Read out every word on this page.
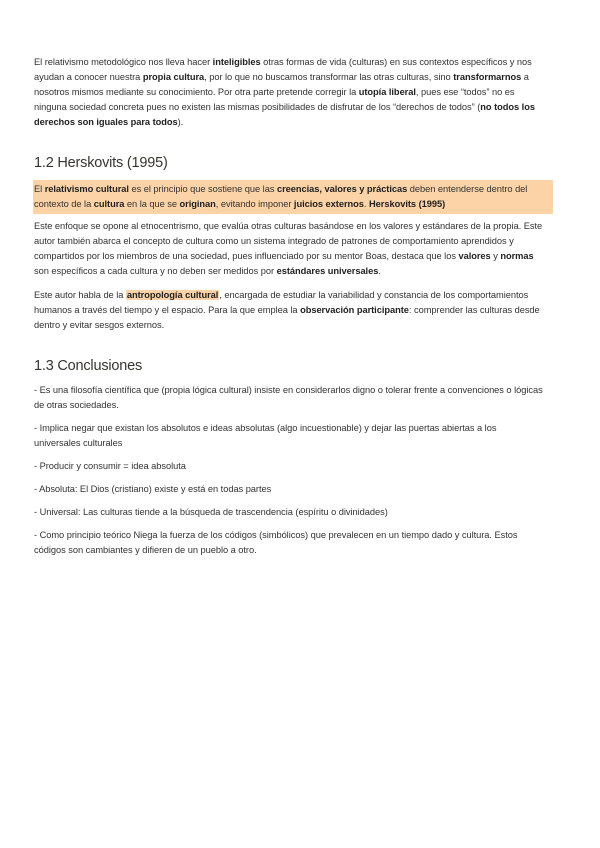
El relativismo metodológico nos lleva hacer inteligibles otras formas de vida (culturas) en sus contextos específicos y nos ayudan a conocer nuestra propia cultura, por lo que no buscamos transformar las otras culturas, sino transformarnos a nosotros mismos mediante su conocimiento. Por otra parte pretende corregir la utopía liberal, pues ese “todos” no es ninguna sociedad concreta pues no existen las mismas posibilidades de disfrutar de los “derechos de todos” (no todos los derechos son iguales para todos).

1.2 Herskovits (1995)

El relativismo cultural es el principio que sostiene que las creencias, valores y prácticas deben entenderse dentro del contexto de la cultura en la que se originan, evitando imponer juicios externos. Herskovits (1995)

Este enfoque se opone al etnocentrismo, que evalúa otras culturas basándose en los valores y estándares de la propia. Este autor también abarca el concepto de cultura como un sistema integrado de patrones de comportamiento aprendidos y compartidos por los miembros de una sociedad, pues influenciado por su mentor Boas, destaca que los valores y normas son específicos a cada cultura y no deben ser medidos por estándares universales.

Este autor habla de la antropología cultural, encargada de estudiar la variabilidad y constancia de los comportamientos humanos a través del tiempo y el espacio. Para la que emplea la observación participante: comprender las culturas desde dentro y evitar sesgos externos.

1.3 Conclusiones

- Es una filosofía científica que (propia lógica cultural) insiste en considerarlos digno o tolerar frente a convenciones o lógicas de otras sociedades.

- Implica negar que existan los absolutos e ideas absolutas (algo incuestionable) y dejar las puertas abiertas a los universales culturales

- Producir y consumir = idea absoluta

- Absoluta: El Dios (cristiano) existe y está en todas partes

- Universal: Las culturas tiende a la búsqueda de trascendencia (espíritu o divinidades)

- Como principio teórico Niega la fuerza de los códigos (simbólicos) que prevalecen en un tiempo dado y cultura. Estos códigos son cambiantes y difieren de un pueblo a otro.
